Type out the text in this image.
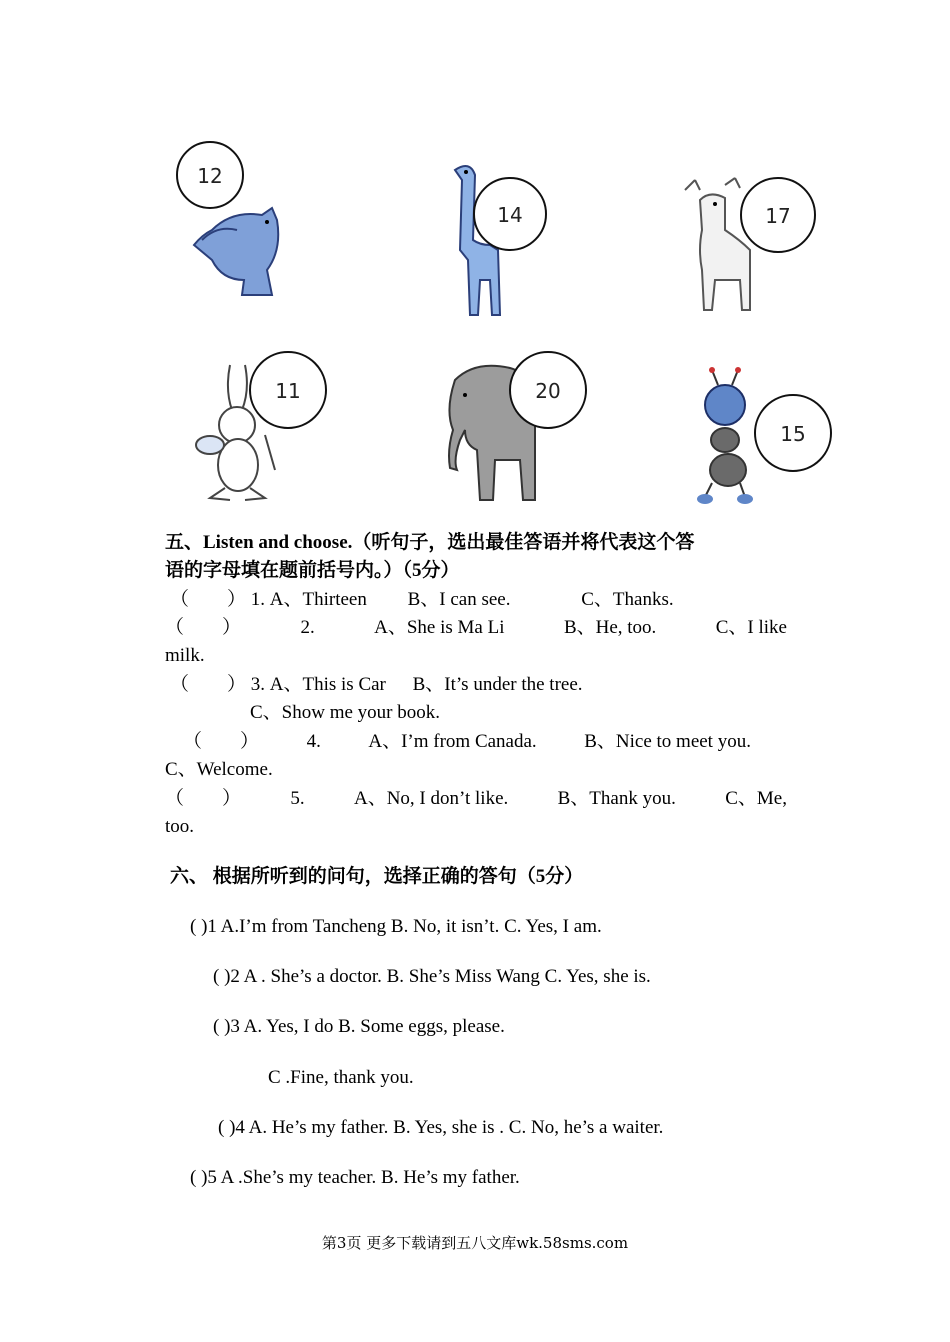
12
14	17
11	20
15
五、Listen and choose.（听句子，选出最佳答语并将代表这个答
语的字母填在题前括号内。）（5分）
（　　） 1. A、Thirteen B、I can see.	C、Thanks.
（　　）	2.	A、She is Ma Li	B、He, too.	C、I like
milk.
（　　） 3. A、This is Car B、It’s under the tree.
C、Show me your book.
（　　）	4.	A、I’m from Canada.	B、Nice to meet you.
C、Welcome.
（　　）	5.	A、No, I don’t like.	B、Thank you.	C、Me,
too.
六、 根据所听到的问句，选择正确的答句（5分）
( )1 A.I’m from Tancheng B. No, it isn’t. C. Yes, I am.
( )2 A . She’s a doctor. B. She’s Miss Wang C. Yes, she is.
( )3 A. Yes, I do B. Some eggs, please.
C .Fine, thank you.
( )4 A. He’s my father. B. Yes, she is . C. No, he’s a waiter.
( )5 A .She’s my teacher. B. He’s my father.
第3页 更多下载请到五八文库wk.58sms.com
